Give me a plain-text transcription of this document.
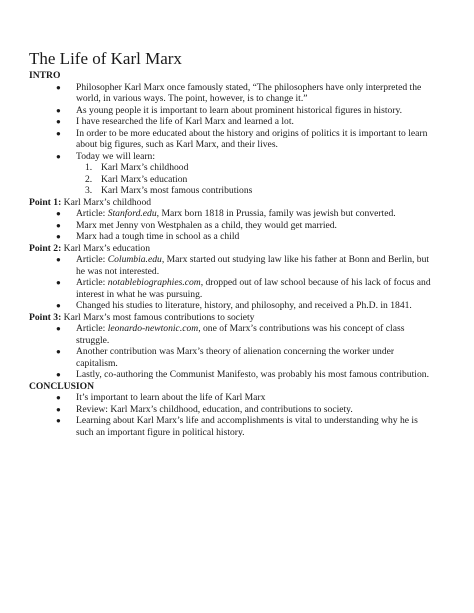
The Life of Karl Marx

INTRO

● Philosopher Karl Marx once famously stated, “The philosophers have only interpreted the world, in various ways. The point, however, is to change it.”
● As young people it is important to learn about prominent historical figures in history.
● I have researched the life of Karl Marx and learned a lot.
● In order to be more educated about the history and origins of politics it is important to learn about big figures, such as Karl Marx, and their lives.
● Today we will learn:
1. Karl Marx’s childhood
2. Karl Marx’s education
3. Karl Marx’s most famous contributions

Point 1: Karl Marx’s childhood

● Article: Stanford.edu, Marx born 1818 in Prussia, family was jewish but converted.
● Marx met Jenny von Westphalen as a child, they would get married.
● Marx had a tough time in school as a child

Point 2: Karl Marx’s education

● Article: Columbia.edu, Marx started out studying law like his father at Bonn and Berlin, but he was not interested.
● Article: notablebiographies.com, dropped out of law school because of his lack of focus and interest in what he was pursuing.
● Changed his studies to literature, history, and philosophy, and received a Ph.D. in 1841.

Point 3: Karl Marx’s most famous contributions to society

● Article: leonardo-newtonic.com, one of Marx’s contributions was his concept of class struggle.
● Another contribution was Marx’s theory of alienation concerning the worker under capitalism.
● Lastly, co-authoring the Communist Manifesto, was probably his most famous contribution.

CONCLUSION

● It’s important to learn about the life of Karl Marx
● Review: Karl Marx’s childhood, education, and contributions to society.
● Learning about Karl Marx’s life and accomplishments is vital to understanding why he is such an important figure in political history.
